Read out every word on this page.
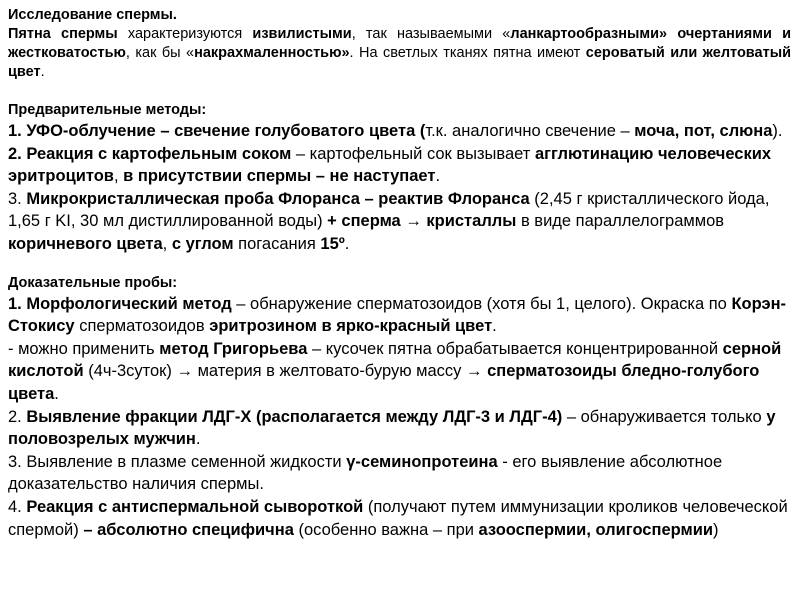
Исследование спермы.

Пятна спермы характеризуются извилистыми, так называемыми «ланкартообразными» очертаниями и жестковатостью, как бы «накрахмаленностью». На светлых тканях пятна имеют сероватый или желтоватый цвет.

Предварительные методы:

1. УФО-облучение – свечение голубоватого цвета (т.к. аналогично свечение – моча, пот, слюна).

2. Реакция с картофельным соком – картофельный сок вызывает агглютинацию человеческих эритроцитов, в присутствии спермы – не наступает.

3. Микрокристаллическая проба Флоранса – реактив Флоранса (2,45 г кристаллического йода, 1,65 г KI, 30 мл дистиллированной воды) + сперма → кристаллы в виде параллелограммов коричневого цвета, с углом погасания 15º.

Доказательные пробы:

1. Морфологический метод – обнаружение сперматозоидов (хотя бы 1, целого). Окраска по Корэн-Стокису сперматозоидов эритрозином в ярко-красный цвет.

- можно применить метод Григорьева – кусочек пятна обрабатывается концентрированной серной кислотой (4ч-3суток) → материя в желтовато-бурую массу → сперматозоиды бледно-голубого цвета.

2. Выявление фракции ЛДГ-Х (располагается между ЛДГ-3 и ЛДГ-4) – обнаруживается только у половозрелых мужчин.

3. Выявление в плазме семенной жидкости γ-семинопротеина - его выявление абсолютное доказательство наличия спермы.

4. Реакция с антиспермальной сывороткой (получают путем иммунизации кроликов человеческой спермой) – абсолютно специфична (особенно важна – при азооспермии, олигоспермии)
